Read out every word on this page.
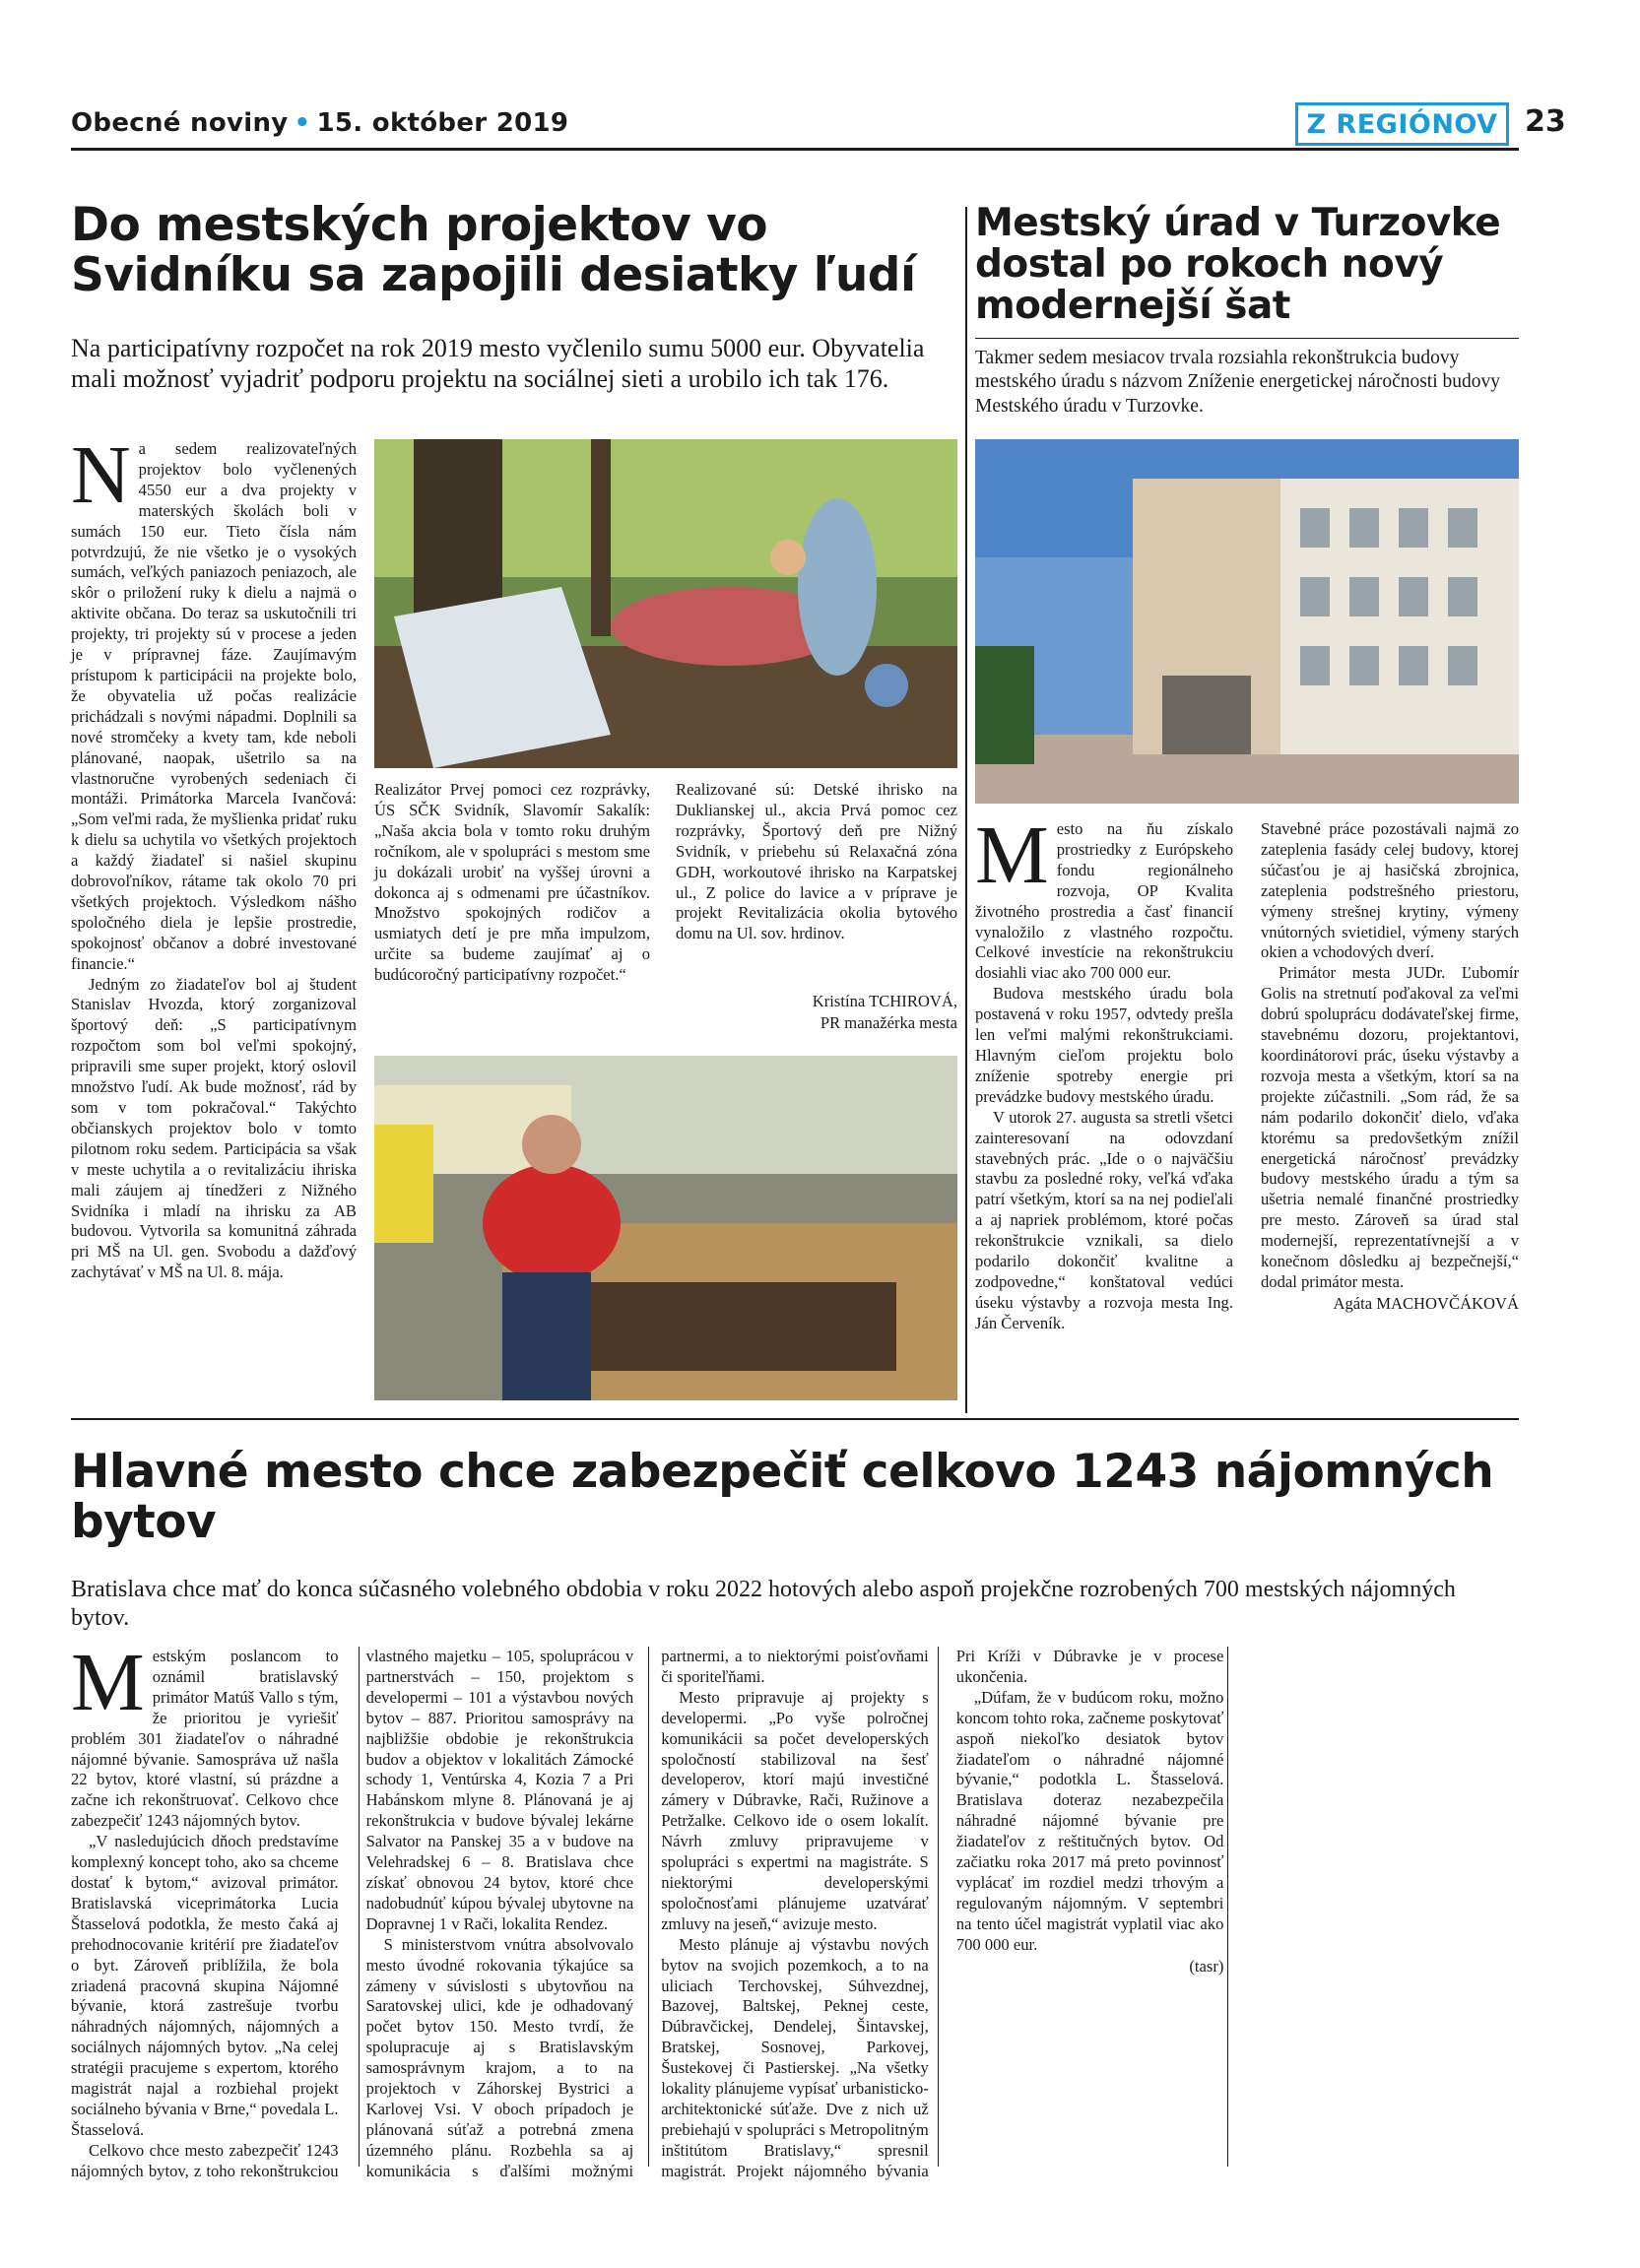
Obecné noviny • 15. október 2019	Z REGIÓNOV 23
Do mestských projektov vo Svidníku sa zapojili desiatky ľudí
Na participatívny rozpočet na rok 2019 mesto vyčlenilo sumu 5000 eur. Obyvatelia mali možnosť vyjadriť podporu projektu na sociálnej sieti a urobilo ich tak 176.

Na sedem realizovateľných projektov bolo vyčlenených 4550 eur a dva projekty v materských školách boli v sumách 150 eur. Tieto čísla nám potvrdzujú, že nie všetko je o vysokých sumách, veľkých paniazoch peniazoch, ale skôr o priložení ruky k dielu a najmä o aktivite občana. Do teraz sa uskutočnili tri projekty, tri projekty sú v procese a jeden je v prípravnej fáze. Zaujímavým prístupom k participácii na projekte bolo, že obyvatelia už počas realizácie prichádzali s novými nápadmi. Doplnili sa nové stromčeky a kvety tam, kde neboli plánované, naopak, ušetrilo sa na vlastnoručne vyrobených sedeniach či montáži. Primátorka Marcela Ivančová: „Som veľmi rada, že myšlienka pridať ruku k dielu sa uchytila vo všetkých projektoch a každý žiadateľ si našiel skupinu dobrovoľníkov, rátame tak okolo 70 pri všetkých projektoch. Výsledkom nášho spoločného diela je lepšie prostredie, spokojnosť občanov a dobré investované financie.“

Jedným zo žiadateľov bol aj študent Stanislav Hvozda, ktorý zorganizoval športový deň: „S participatívnym rozpočtom som bol veľmi spokojný, pripravili sme super projekt, ktorý oslovil množstvo ľudí. Ak bude možnosť, rád by som v tom pokračoval.“ Takýchto občianskych projektov bolo v tomto pilotnom roku sedem. Participácia sa však v meste uchytila a o revitalizáciu ihriska mali záujem aj tínedžeri z Nižného Svidníka i mladí na ihrisku za AB budovou. Vytvorila sa komunitná záhrada pri MŠ na Ul. gen. Svobodu a dažďový zachytávať v MŠ na Ul. 8. mája.

Realizátor Prvej pomoci cez rozprávky, ÚS SČK Svidník, Slavomír Sakalík: „Naša akcia bola v tomto roku druhým ročníkom, ale v spolupráci s mestom sme ju dokázali urobiť na vyššej úrovni a dokonca aj s odmenami pre účastníkov. Množstvo spokojných rodičov a usmiatych detí je pre mňa impulzom, určite sa budeme zaujímať aj o budúcoročný participatívny rozpočet.“
Realizované sú: Detské ihrisko na Duklianskej ul., akcia Prvá pomoc cez rozprávky, Športový deň pre Nižný Svidník, v priebehu sú Relaxačná zóna GDH, workoutové ihrisko na Karpatskej ul., Z police do lavice a v príprave je projekt Revitalizácia okolia bytového domu na Ul. sov. hrdinov.
Kristína TCHIROVÁ,
PR manažérka mesta
Mestský úrad v Turzovke dostal po rokoch nový modernejší šat
Takmer sedem mesiacov trvala rozsiahla rekonštrukcia budovy mestského úradu s názvom Zníženie energetickej náročnosti budovy Mestského úradu v Turzovke.

Mesto na ňu získalo prostriedky z Európskeho fondu regionálneho rozvoja, OP Kvalita životného prostredia a časť financií vynaložilo z vlastného rozpočtu. Celkové investície na rekonštrukciu dosiahli viac ako 700 000 eur.

Budova mestského úradu bola postavená v roku 1957, odvtedy prešla len veľmi malými rekonštrukciami. Hlavným cieľom projektu bolo zníženie spotreby energie pri prevádzke budovy mestského úradu.

V utorok 27. augusta sa stretli všetci zainteresovaní na odovzdaní stavebných prác. „Ide o o najväčšiu stavbu za posledné roky, veľká vďaka patrí všetkým, ktorí sa na nej podieľali a aj napriek problémom, ktoré počas rekonštrukcie vznikali, sa dielo podarilo dokončiť kvalitne a zodpovedne,“ konštatoval vedúci úseku výstavby a rozvoja mesta Ing. Ján Červeník.

Stavebné práce pozostávali najmä zo zateplenia fasády celej budovy, ktorej súčasťou je aj hasičská zbrojnica, zateplenia podstrešného priestoru, výmeny strešnej krytiny, výmeny vnútorných svietidiel, výmeny starých okien a vchodových dverí.

Primátor mesta JUDr. Ľubomír Golis na stretnutí poďakoval za veľmi dobrú spoluprácu dodávateľskej firme, stavebnému dozoru, projektantovi, koordinátorovi prác, úseku výstavby a rozvoja mesta a všetkým, ktorí sa na projekte zúčastnili. „Som rád, že sa nám podarilo dokončiť dielo, vďaka ktorému sa predovšetkým znížil energetická náročnosť prevádzky budovy mestského úradu a tým sa ušetria nemalé finančné prostriedky pre mesto. Zároveň sa úrad stal modernejší, reprezentatívnejší a v konečnom dôsledku aj bezpečnejší,“ dodal primátor mesta.

Agáta MACHOVČÁKOVÁ
Hlavné mesto chce zabezpečiť celkovo 1243 nájomných bytov
Bratislava chce mať do konca súčasného volebného obdobia v roku 2022 hotových alebo aspoň projekčne rozrobených 700 mestských nájomných bytov.

Mestským poslancom to oznámil bratislavský primátor Matúš Vallo s tým, že prioritou je vyriešiť problém 301 žiadateľov o náhradné nájomné bývanie. Samospráva už našla 22 bytov, ktoré vlastní, sú prázdne a začne ich rekonštruovať. Celkovo chce zabezpečiť 1243 nájomných bytov.

„V nasledujúcich dňoch predstavíme komplexný koncept toho, ako sa chceme dostať k bytom,“ avizoval primátor. Bratislavská viceprimátorka Lucia Štasselová podotkla, že mesto čaká aj prehodnocovanie kritérií pre žiadateľov o byt. Zároveň priblížila, že bola zriadená pracovná skupina Nájomné bývanie, ktorá zastrešuje tvorbu náhradných nájomných, nájomných a sociálnych nájomných bytov. „Na celej stratégii pracujeme s expertom, ktorého magistrát najal a rozbiehal projekt sociálneho bývania v Brne,“ povedala L. Štasselová.

Celkovo chce mesto zabezpečiť 1243 nájomných bytov, z toho rekonštrukciou vlastného majetku – 105, spoluprácou v partnerstvách – 150, projektom s developermi – 101 a výstavbou nových bytov – 887. Prioritou samosprávy na najbližšie obdobie je rekonštrukcia budov a objektov v lokalitách Zámocké schody 1, Ventúrska 4, Kozia 7 a Pri Habánskom mlyne 8. Plánovaná je aj rekonštrukcia v budove bývalej lekárne Salvator na Panskej 35 a v budove na Velehradskej 6 – 8. Bratislava chce získať obnovou 24 bytov, ktoré chce nadobudnúť kúpou bývalej ubytovne na Dopravnej 1 v Rači, lokalita Rendez.

S ministerstvom vnútra absolvovalo mesto úvodné rokovania týkajúce sa zámeny v súvislosti s ubytovňou na Saratovskej ulici, kde je odhadovaný počet bytov 150. Mesto tvrdí, že spolupracuje aj s Bratislavským samosprávnym krajom, a to na projektoch v Záhorskej Bystrici a Karlovej Vsi. V oboch prípadoch je plánovaná súťaž a potrebná zmena územného plánu. Rozbehla sa aj komunikácia s ďalšími možnými partnermi, a to niektorými poisťovňami či sporiteľňami.

Mesto pripravuje aj projekty s developermi. „Po vyše polročnej komunikácii sa počet developerských spoločností stabilizoval na šesť developerov, ktorí majú investičné zámery v Dúbravke, Rači, Ružinove a Petržalke. Celkovo ide o osem lokalít. Návrh zmluvy pripravujeme v spolupráci s expertmi na magistráte. S niektorými developerskými spoločnosťami plánujeme uzatvárať zmluvy na jeseň,“ avizuje mesto.

Mesto plánuje aj výstavbu nových bytov na svojich pozemkoch, a to na uliciach Terchovskej, Súhvezdnej, Bazovej, Baltskej, Peknej ceste, Dúbravčickej, Dendelej, Šintavskej, Bratskej, Sosnovej, Parkovej, Šustekovej či Pastierskej. „Na všetky lokality plánujeme vypísať urbanisticko-architektonické súťaže. Dve z nich už prebiehajú v spolupráci s Metropolitným inštitútom Bratislavy,“ spresnil magistrát. Projekt nájomného bývania Pri Kríži v Dúbravke je v procese ukončenia.

„Dúfam, že v budúcom roku, možno koncom tohto roka, začneme poskytovať aspoň niekoľko desiatok bytov žiadateľom o náhradné nájomné bývanie,“ podotkla L. Štasselová. Bratislava doteraz nezabezpečila náhradné nájomné bývanie pre žiadateľov z reštitučných bytov. Od začiatku roka 2017 má preto povinnosť vyplácať im rozdiel medzi trhovým a regulovaným nájomným. V septembri na tento účel magistrát vyplatil viac ako 700 000 eur.

(tasr)
